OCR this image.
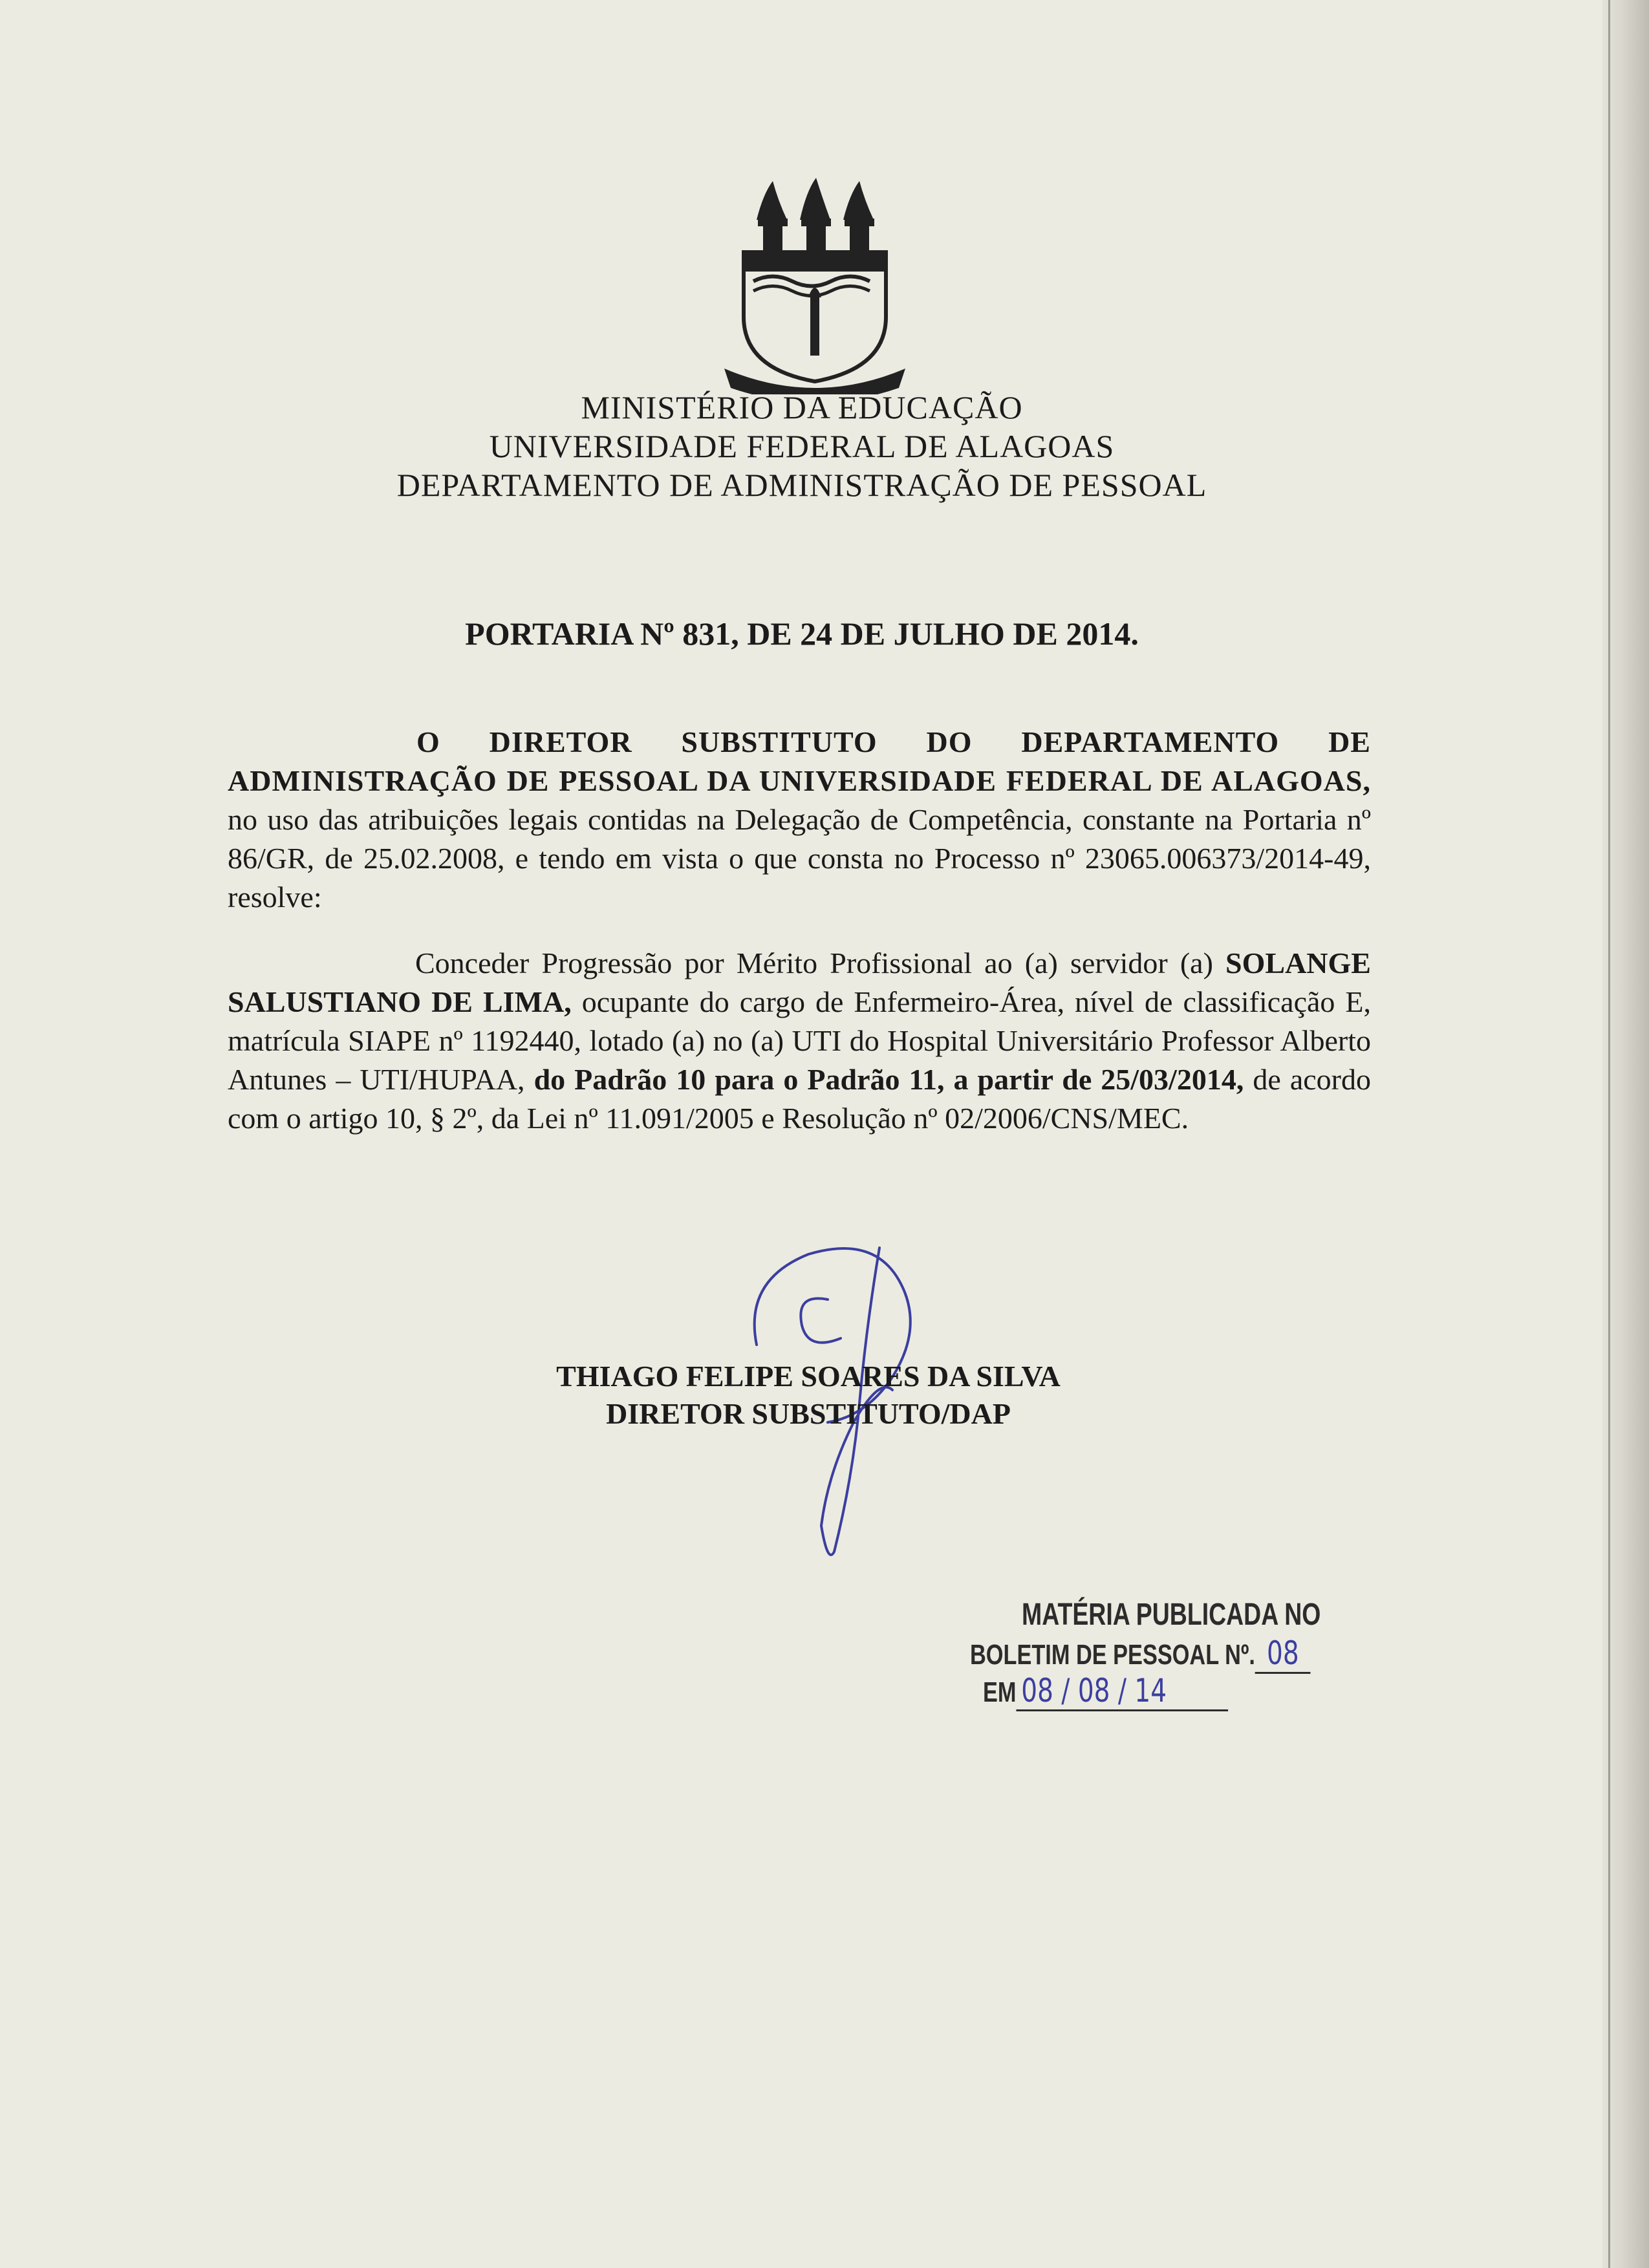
MINISTÉRIO DA EDUCAÇÃO
UNIVERSIDADE FEDERAL DE ALAGOAS
DEPARTAMENTO DE ADMINISTRAÇÃO DE PESSOAL
PORTARIA Nº 831, DE 24 DE JULHO DE 2014.
O DIRETOR SUBSTITUTO DO DEPARTAMENTO DE ADMINISTRAÇÃO DE PESSOAL DA UNIVERSIDADE FEDERAL DE ALAGOAS, no uso das atribuições legais contidas na Delegação de Competência, constante na Portaria nº 86/GR, de 25.02.2008, e tendo em vista o que consta no Processo nº 23065.006373/2014-49, resolve:
Conceder Progressão por Mérito Profissional ao (a) servidor (a) SOLANGE SALUSTIANO DE LIMA, ocupante do cargo de Enfermeiro-Área, nível de classificação E, matrícula SIAPE nº 1192440, lotado (a) no (a) UTI do Hospital Universitário Professor Alberto Antunes – UTI/HUPAA, do Padrão 10 para o Padrão 11, a partir de 25/03/2014, de acordo com o artigo 10, § 2º, da Lei nº 11.091/2005 e Resolução nº 02/2006/CNS/MEC.
THIAGO FELIPE SOARES DA SILVA
DIRETOR SUBSTITUTO/DAP
MATÉRIA PUBLICADA NO
BOLETIM DE PESSOAL Nº. 08
EM 08 / 08 / 14
